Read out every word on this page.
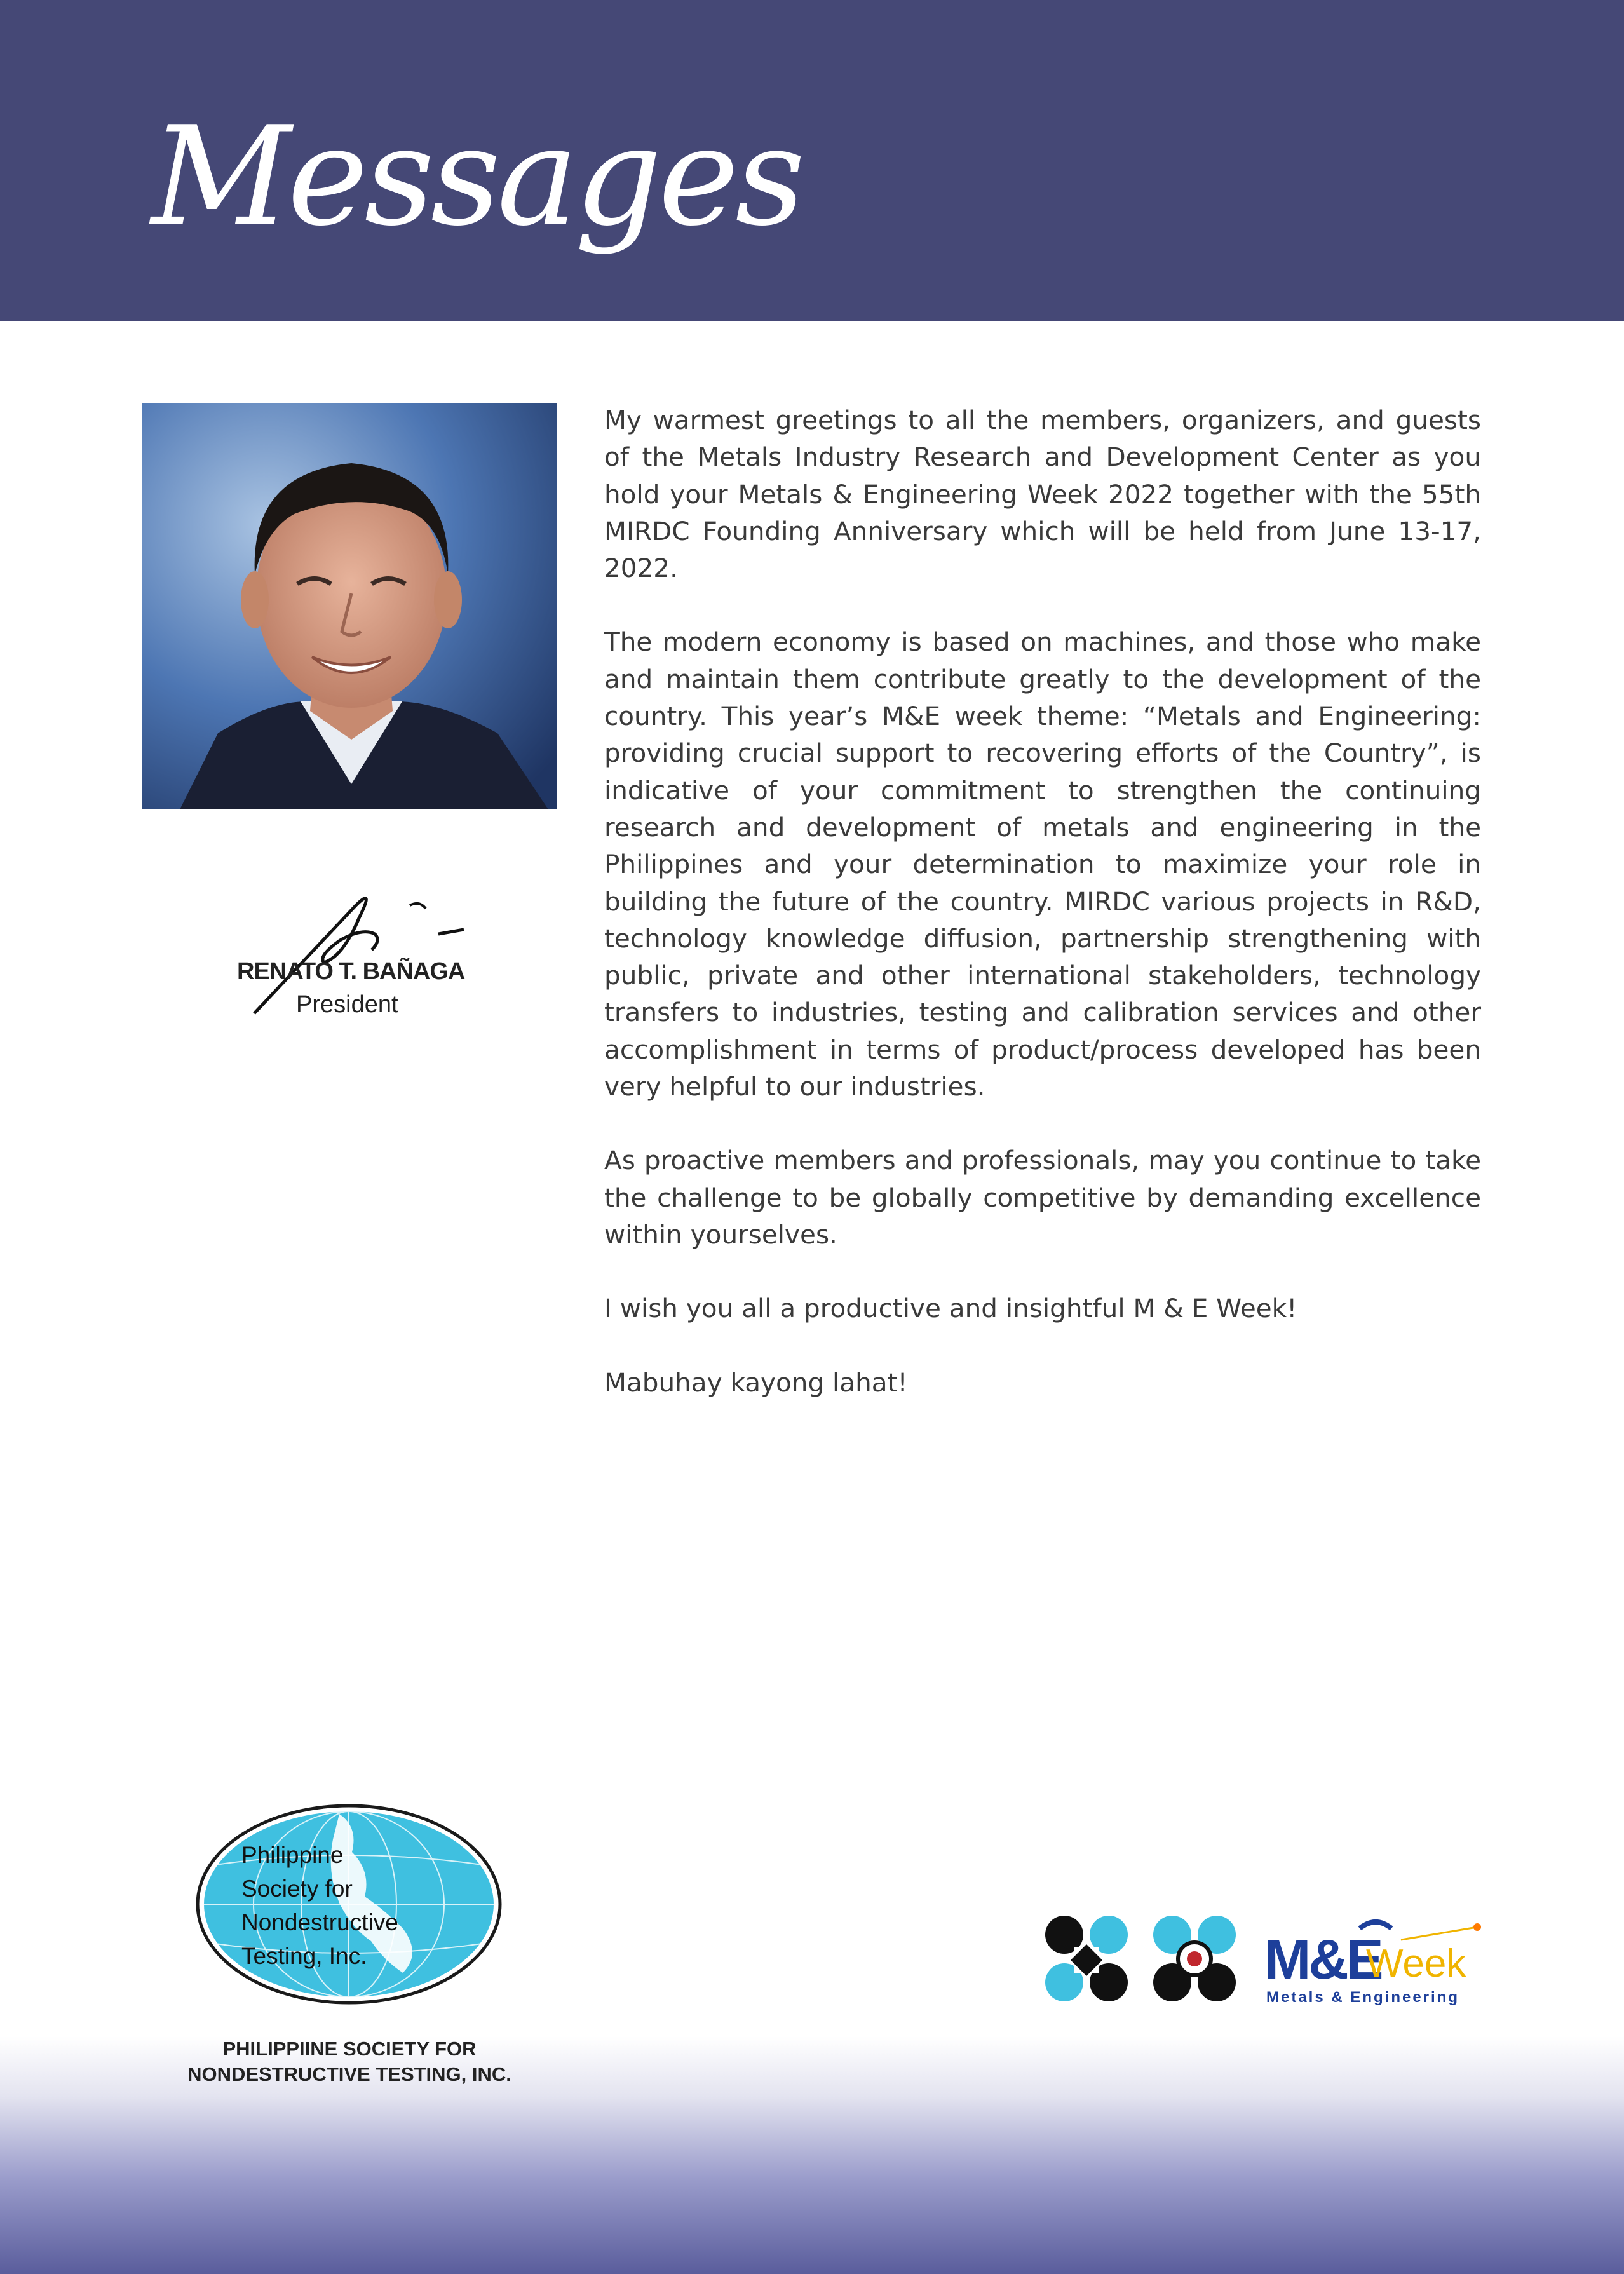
Messages
RENATO T. BAÑAGA
President

My warmest greetings to all the members, organizers, and guests of the Metals Industry Research and Development Center as you hold your Metals & Engineering Week 2022 together with the 55th MIRDC Founding Anniversary which will be held from June 13-17, 2022.

The modern economy is based on machines, and those who make and maintain them contribute greatly to the development of the country. This year’s M&E week theme: “Metals and Engineering: providing crucial support to recovering efforts of the Country”, is indicative of your commitment to strengthen the continuing research and development of metals and engineering in the Philippines and your determination to maximize your role in building the future of the country. MIRDC various projects in R&D, technology knowledge diffusion, partnership strengthening with public, private and other international stakeholders, technology transfers to industries, testing and calibration services and other accomplishment in terms of product/process developed has been very helpful to our industries.

As proactive members and professionals, may you continue to take the challenge to be globally competitive by demanding excellence within yourselves.

I wish you all a productive and insightful M & E Week!

Mabuhay kayong lahat!

Philippine
Society for
Nondestructive
Testing, Inc.
PHILIPPIINE SOCIETY FOR
NONDESTRUCTIVE TESTING, INC.
M&E
Week
Metals & Engineering
